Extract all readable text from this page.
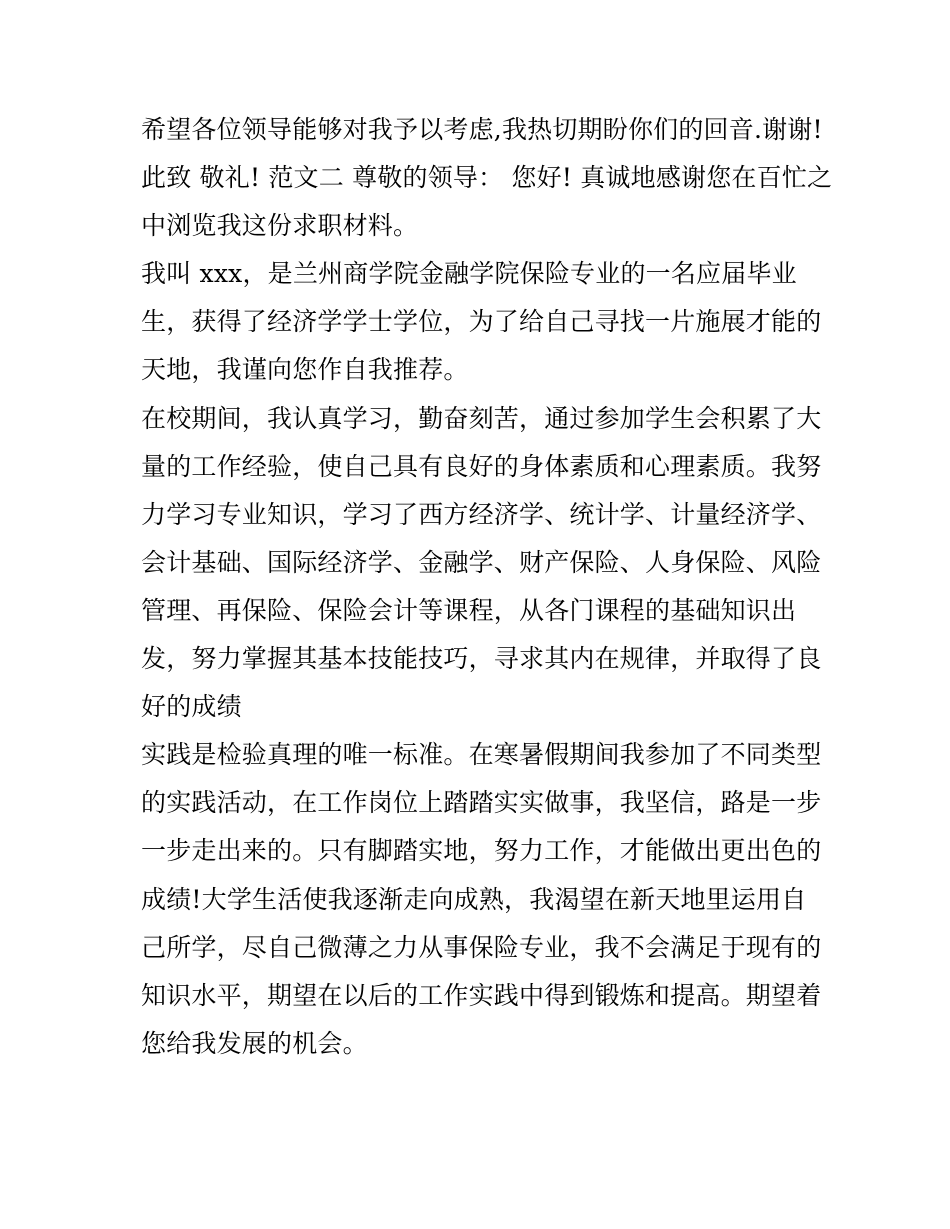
希望各位领导能够对我予以考虑,我热切期盼你们的回音.谢谢!
此致 敬礼! 范文二 尊敬的领导： 您好! 真诚地感谢您在百忙之
中浏览我这份求职材料。
我叫 xxx，是兰州商学院金融学院保险专业的一名应届毕业
生，获得了经济学学士学位，为了给自己寻找一片施展才能的
天地，我谨向您作自我推荐。
在校期间，我认真学习，勤奋刻苦，通过参加学生会积累了大
量的工作经验，使自己具有良好的身体素质和心理素质。我努
力学习专业知识，学习了西方经济学、统计学、计量经济学、
会计基础、国际经济学、金融学、财产保险、人身保险、风险
管理、再保险、保险会计等课程，从各门课程的基础知识出
发，努力掌握其基本技能技巧，寻求其内在规律，并取得了良
好的成绩
实践是检验真理的唯一标准。在寒暑假期间我参加了不同类型
的实践活动，在工作岗位上踏踏实实做事，我坚信，路是一步
一步走出来的。只有脚踏实地，努力工作，才能做出更出色的
成绩!大学生活使我逐渐走向成熟，我渴望在新天地里运用自
己所学，尽自己微薄之力从事保险专业，我不会满足于现有的
知识水平，期望在以后的工作实践中得到锻炼和提高。期望着
您给我发展的机会。
